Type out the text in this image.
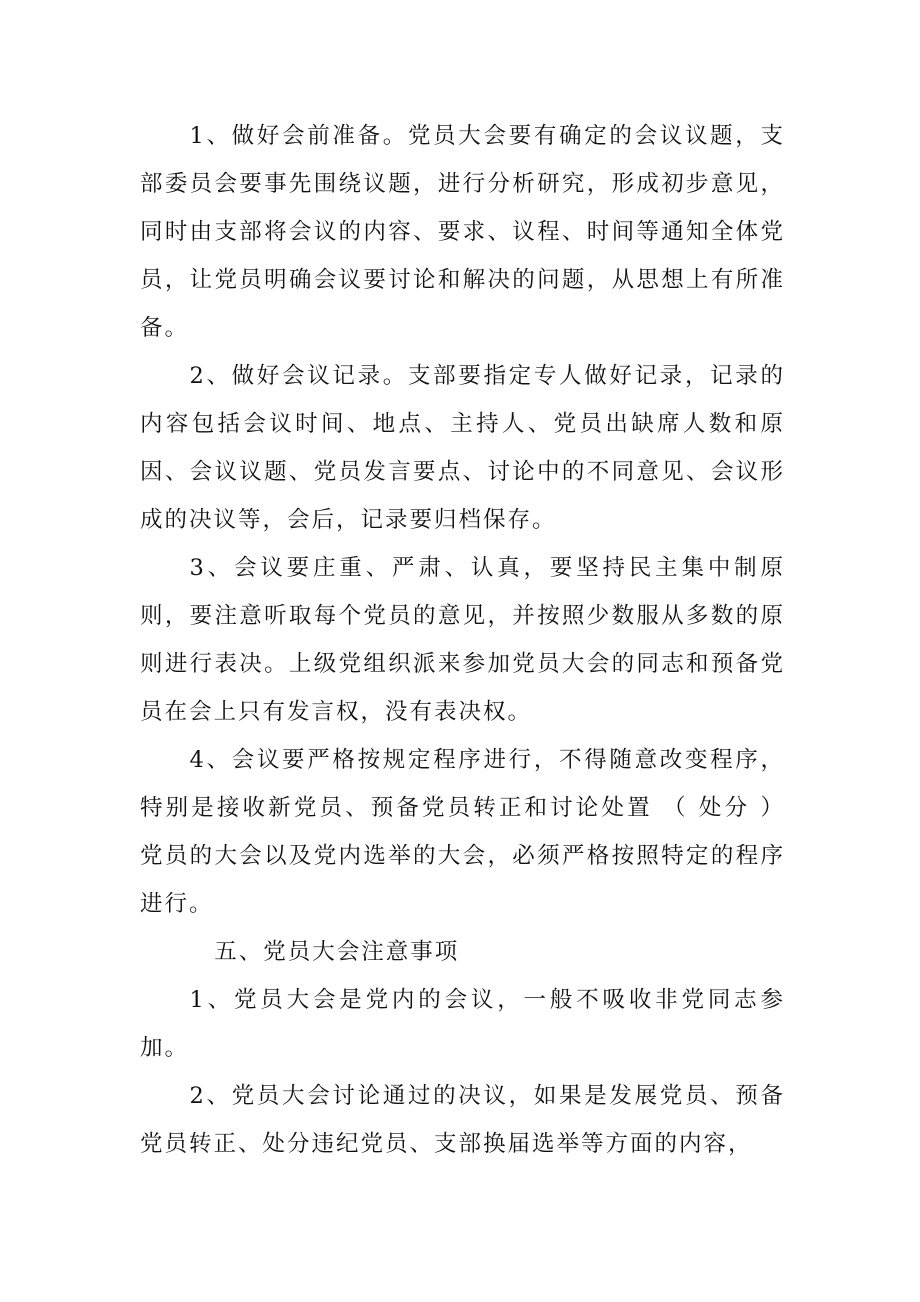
1、做好会前准备。党员大会要有确定的会议议题，支部委员会要事先围绕议题，进行分析研究，形成初步意见，同时由支部将会议的内容、要求、议程、时间等通知全体党员，让党员明确会议要讨论和解决的问题，从思想上有所准备。

2、做好会议记录。支部要指定专人做好记录，记录的内容包括会议时间、地点、主持人、党员出缺席人数和原因、会议议题、党员发言要点、讨论中的不同意见、会议形成的决议等，会后，记录要归档保存。

3、会议要庄重、严肃、认真，要坚持民主集中制原则，要注意听取每个党员的意见，并按照少数服从多数的原则进行表决。上级党组织派来参加党员大会的同志和预备党员在会上只有发言权，没有表决权。

4、会议要严格按规定程序进行，不得随意改变程序，特别是接收新党员、预备党员转正和讨论处置 （ 处分 ） 党员的大会以及党内选举的大会，必须严格按照特定的程序进行。

五、党员大会注意事项

1、党员大会是党内的会议，一般不吸收非党同志参加。

2、党员大会讨论通过的决议，如果是发展党员、预备党员转正、处分违纪党员、支部换届选举等方面的内容，
